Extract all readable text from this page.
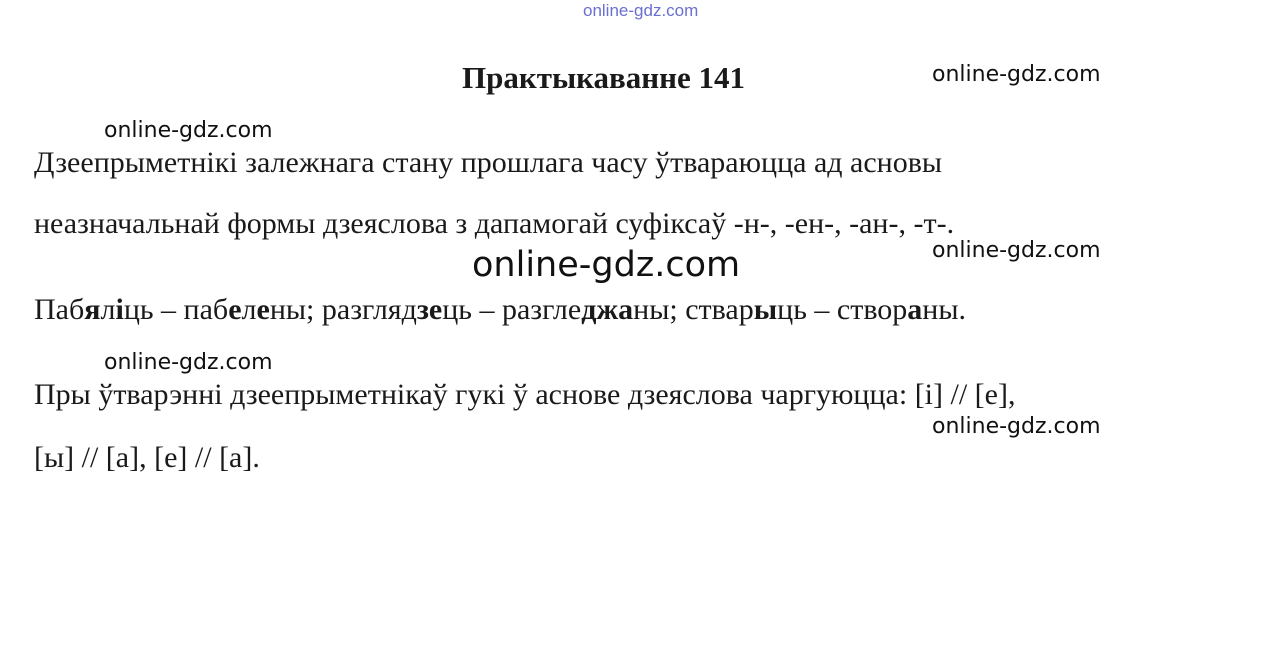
online-gdz.com
Практыкаванне 141	online-gdz.com
online-gdz.com
Дзеепрыметнікі залежнага стану прошлага часу ўтвараюцца ад асновы
неазначальнай формы дзеяслова з дапамогай суфіксаў -н-, -ен-, -ан-, -т-.
online-gdz.com
online-gdz.com
Пабяліць – пабелены; разглядзець – разгледжаны; стварыць – створаны.
online-gdz.com
Пры ўтварэнні дзеепрыметнікаў гукі ў аснове дзеяслова чаргуюцца: [і] // [е],
online-gdz.com
[ы] // [а], [е] // [а].
